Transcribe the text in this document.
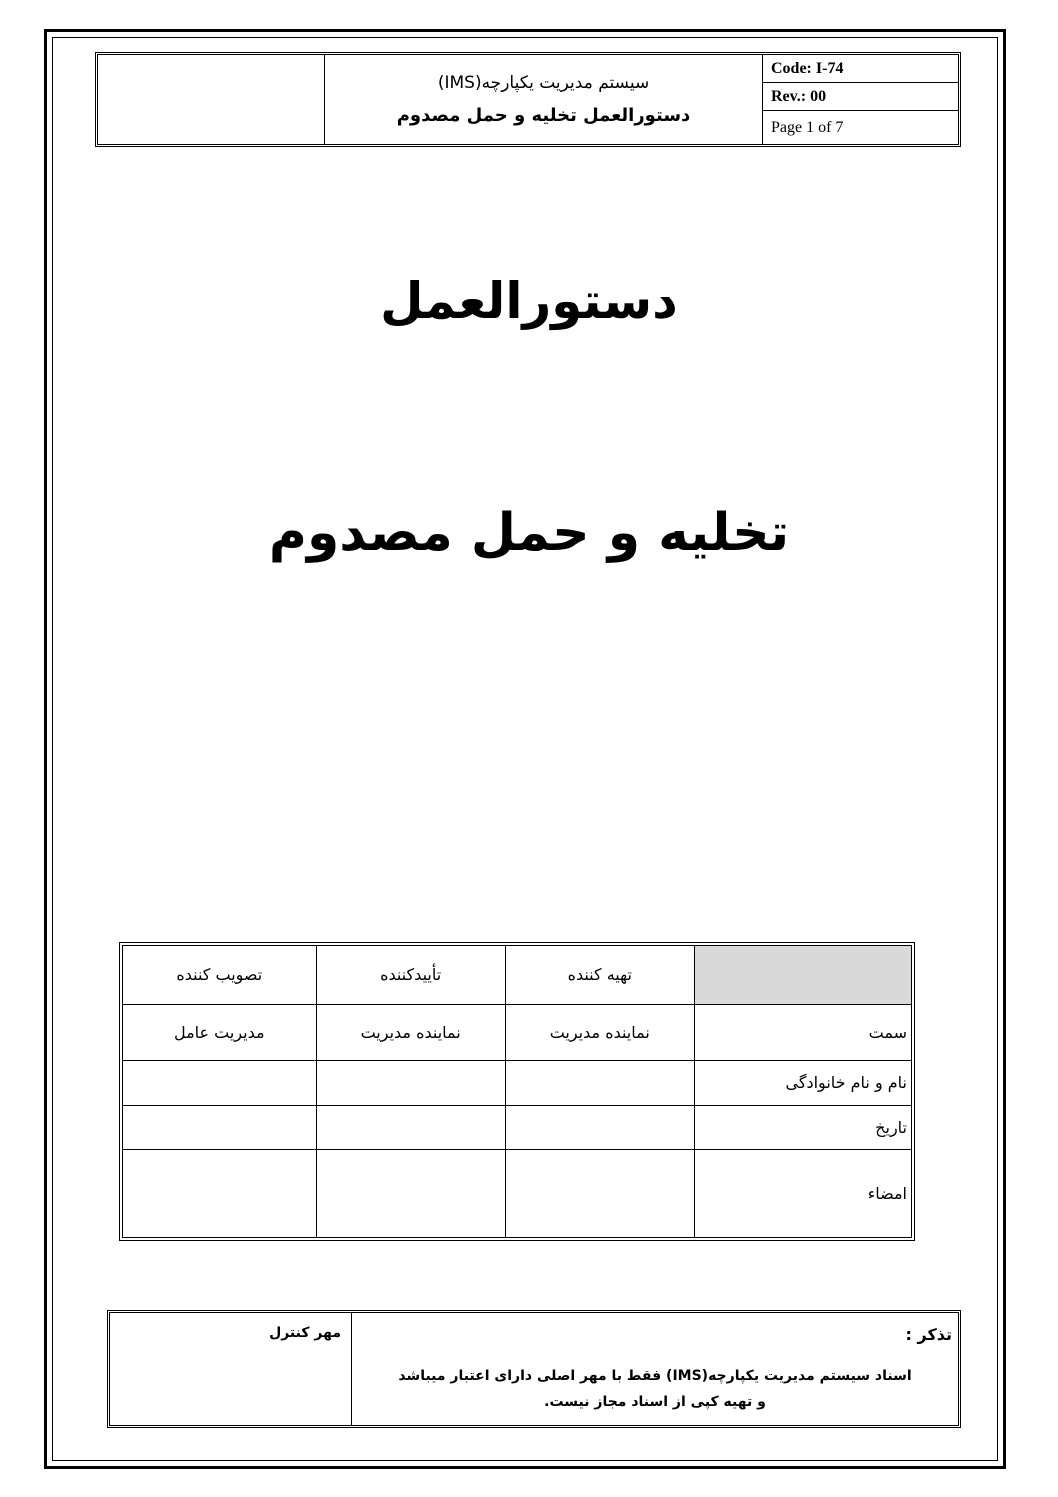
سیستم مدیریت یکپارچه(IMS)
دستورالعمل تخلیه و حمل مصدوم
Code: I-74
Rev.: 00
Page 1 of 7
دستورالعمل
تخلیه و حمل مصدوم
	تهیه کننده	تأییدکننده	تصویب کننده
سمت	نماینده مدیریت	نماینده مدیریت	مدیریت عامل
نام و نام خانوادگی			
تاریخ			
امضاء			
مهر کنترل	تذکر :
اسناد سیستم مدیریت یکپارچه(IMS) فقط با مهر اصلی دارای اعتبار میباشد
و تهیه کپی از اسناد مجاز نیست.
